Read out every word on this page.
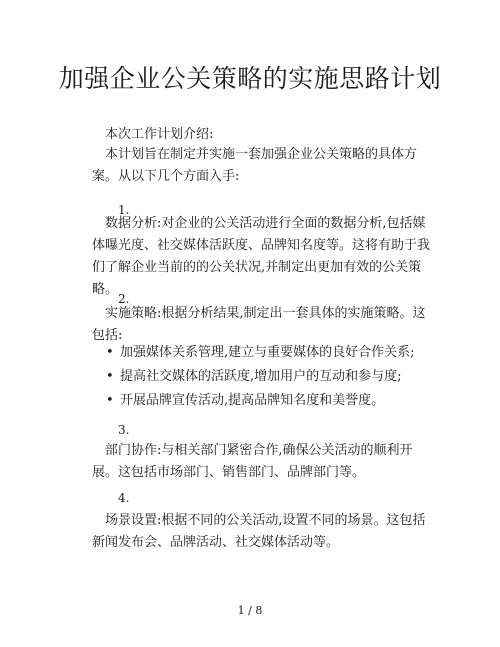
加强企业公关策略的实施思路计划

本次工作计划介绍:

本计划旨在制定并实施一套加强企业公关策略的具体方案。从以下几个方面入手:

1.

数据分析:对企业的公关活动进行全面的数据分析,包括媒体曝光度、社交媒体活跃度、品牌知名度等。这将有助于我们了解企业当前的的公关状况,并制定出更加有效的公关策略。

2.

实施策略:根据分析结果,制定出一套具体的实施策略。这包括:

• 加强媒体关系管理,建立与重要媒体的良好合作关系;
• 提高社交媒体的活跃度,增加用户的互动和参与度;
• 开展品牌宣传活动,提高品牌知名度和美誉度。
3.

部门协作:与相关部门紧密合作,确保公关活动的顺利开展。这包括市场部门、销售部门、品牌部门等。

4.

场景设置:根据不同的公关活动,设置不同的场景。这包括新闻发布会、品牌活动、社交媒体活动等。

1 / 8
